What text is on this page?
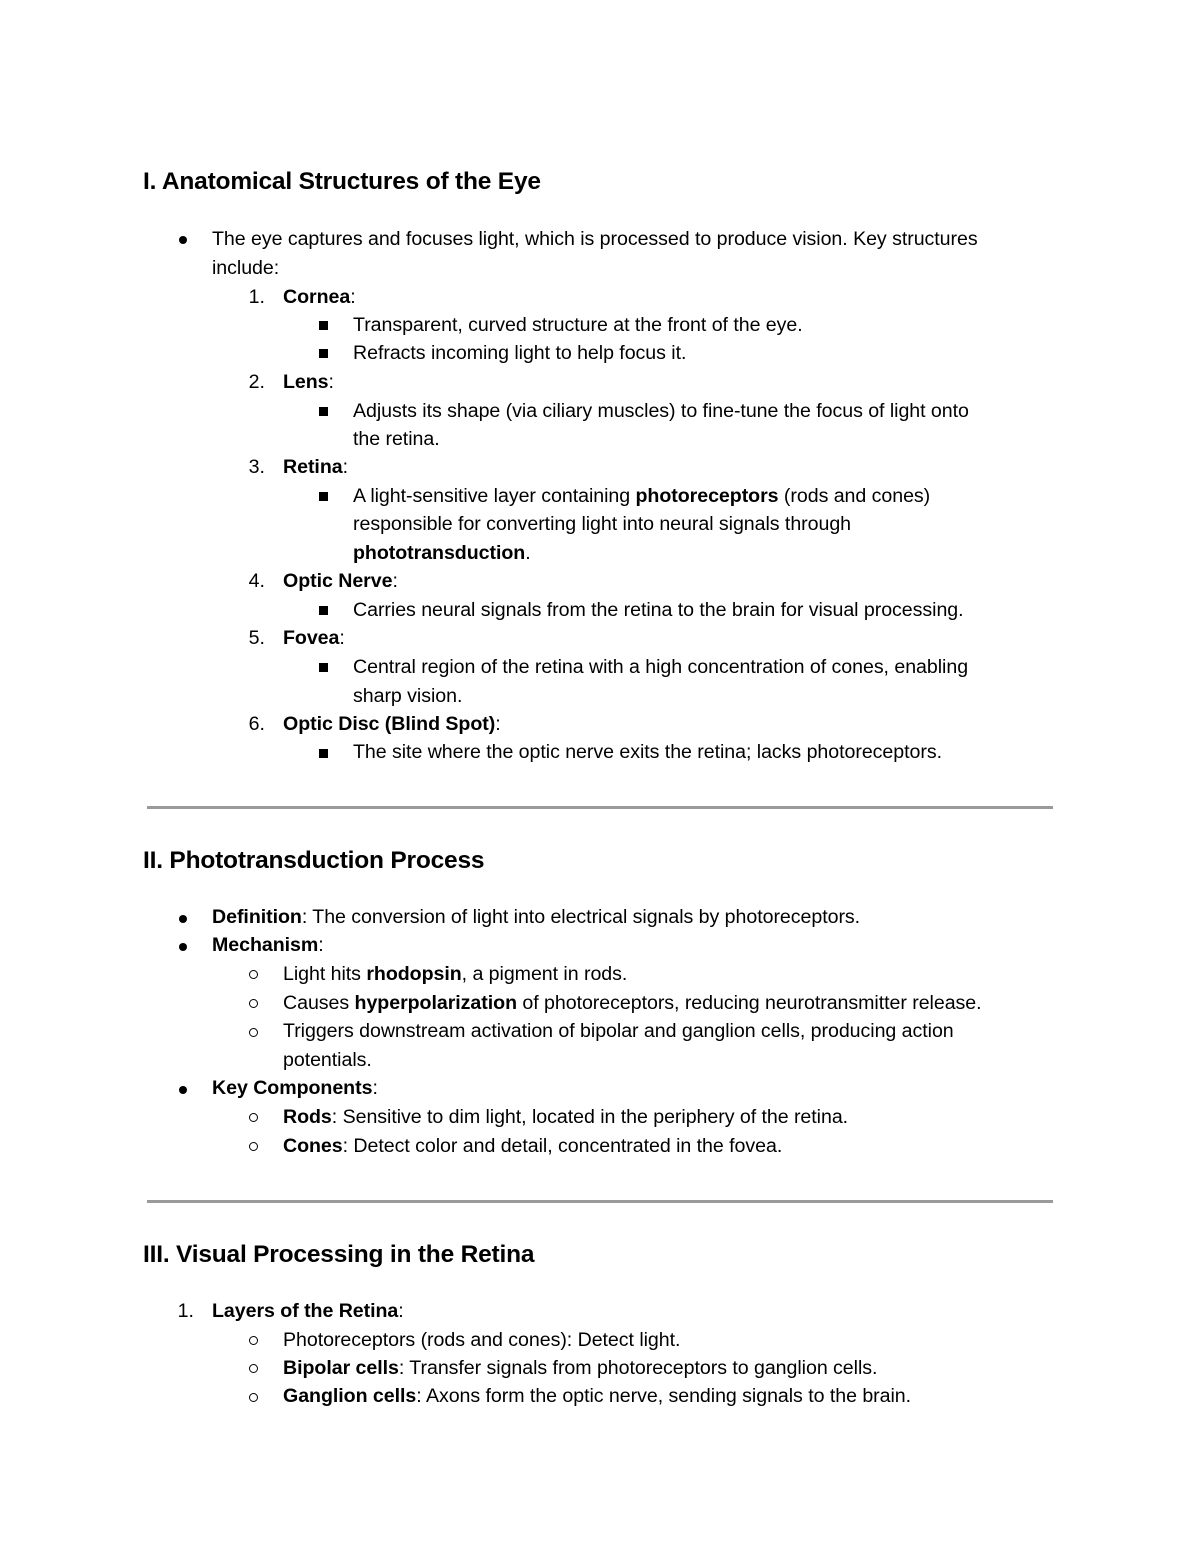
I. Anatomical Structures of the Eye
The eye captures and focuses light, which is processed to produce vision. Key structures
include:
1. Cornea:
Transparent, curved structure at the front of the eye.
Refracts incoming light to help focus it.
2. Lens:
Adjusts its shape (via ciliary muscles) to fine-tune the focus of light onto
the retina.
3. Retina:
A light-sensitive layer containing photoreceptors (rods and cones)
responsible for converting light into neural signals through
phototransduction.
4. Optic Nerve:
Carries neural signals from the retina to the brain for visual processing.
5. Fovea:
Central region of the retina with a high concentration of cones, enabling
sharp vision.
6. Optic Disc (Blind Spot):
The site where the optic nerve exits the retina; lacks photoreceptors.
II. Phototransduction Process
Definition: The conversion of light into electrical signals by photoreceptors.
Mechanism:
Light hits rhodopsin, a pigment in rods.
Causes hyperpolarization of photoreceptors, reducing neurotransmitter release.
Triggers downstream activation of bipolar and ganglion cells, producing action
potentials.
Key Components:
Rods: Sensitive to dim light, located in the periphery of the retina.
Cones: Detect color and detail, concentrated in the fovea.
III. Visual Processing in the Retina
1. Layers of the Retina:
Photoreceptors (rods and cones): Detect light.
Bipolar cells: Transfer signals from photoreceptors to ganglion cells.
Ganglion cells: Axons form the optic nerve, sending signals to the brain.
